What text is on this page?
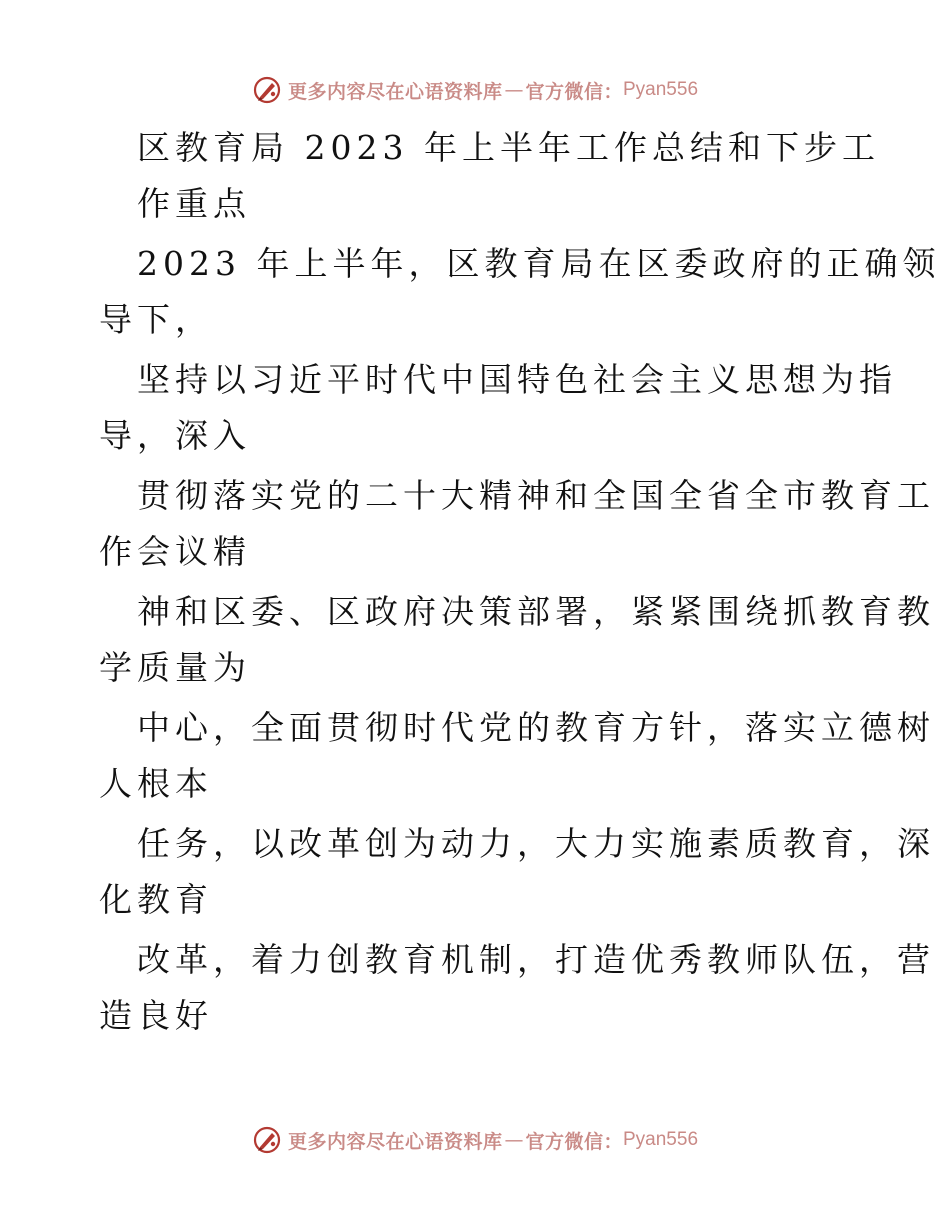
更多内容尽在心语资料库 — 官方微信： Pyan556
区教育局 2023 年上半年工作总结和下步工
作重点
2023 年上半年，区教育局在区委政府的正确领
导下，
坚持以习近平时代中国特色社会主义思想为指
导，深入
贯彻落实党的二十大精神和全国全省全市教育工
作会议精
神和区委、区政府决策部署，紧紧围绕抓教育教
学质量为
中心，全面贯彻时代党的教育方针，落实立德树
人根本
任务，以改革创为动力，大力实施素质教育，深
化教育
改革，着力创教育机制，打造优秀教师队伍，营
造良好
更多内容尽在心语资料库 — 官方微信： Pyan556
